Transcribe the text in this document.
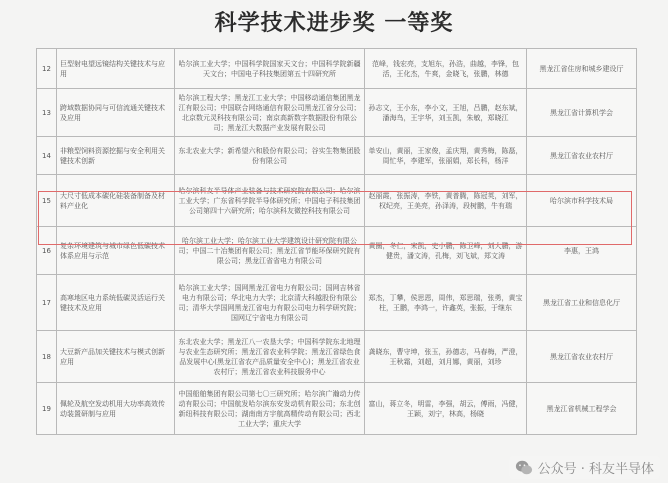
科学技术进步奖 一等奖
12	巨型射电望远镜结构关键技术与应用	哈尔滨工业大学；中国科学院国家天文台；中国科学院新疆天文台；中国电子科技集团第五十四研究所	范峰，钱宏亮，支旭东，孙浩，曲越，李锋，包活，王化杰，牛爽，金晓飞，张鹏，林德	黑龙江省住房和城乡建设厅
13	跨域数据协同与可信流通关键技术及应用	哈尔滨工程大学；黑龙江工业大学；中国移动通信集团黑龙江有限公司；中国联合网络通信有限公司黑龙江省分公司；北京数元灵科技有限公司；南京高新数字数据股份有限公司；黑龙江大数据产业发展有限公司	孙志文，王小东，李小文，王旭，吕鹏，赵东斌，潘海鸟，王宇华，刘玉凯，朱敏，郑晓江	黑龙江省计算机学会
14	非粮型饲料资源挖掘与安全利用关键技术创新	东北农业大学；新希望六和股份有限公司；谷实生物集团股份有限公司	单安山，黄丽，王家俊，孟庆翔，黄秀梅，陈磊，周忙华，李建军，张丽娟，郑长科，杨洋	黑龙江省农业农村厅
15	大尺寸低成本碳化硅装备制备及材料产业化	哈尔滨科友半导体产业装备与技术研究院有限公司；哈尔滨工业大学；广东省科学院半导体研究所；中国电子科技集团公司第四十六研究所；哈尔滨科友微控科技有限公司	赵丽霞，张振涛，李铁，黄普腾，陈冠英，刘军，权纪亮，王美亮，孙泽涛，段树鹏，牛有瑞	哈尔滨市科学技术局
16	复杂环境建筑与城市绿色低碳技术体系应用与示范	哈尔滨工业大学；哈尔滨工业大学建筑设计研究院有限公司；中国二十冶集团有限公司；黑龙江省节能环保研究院有限公司；黑龙江省省电力有限公司	黄圈，冬仁，宋凯，史小鹏，陈卫峰，刘大鹏，游健贵，潘文涛，孔梅，刘飞斌，郑文涛	李惠，王鸿
17	高寒地区电力系统低碳灵活运行关键技术及应用	哈尔滨工业大学；国网黑龙江省电力有限公司；国网吉林省电力有限公司；华北电力大学；北京清大科越股份有限公司；清华大学国网黑龙江省电力有限公司电力科学研究院；国网辽宁省电力有限公司	郑杰，丁攀，侯思恩，周伟，郑思瑞，张勇，黄宝柱，王鹏，李鸿一，许鑫英，张振，于继东	黑龙江省工业和信息化厅
18	大豆新产品加关键技术与模式创新应用	东北农业大学；黑龙江八一农垦大学；中国科学院东北地理与农业生态研究所；黑龙江省农业科学院；黑龙江省绿色食品发展中心(黑龙江省农产品质量安全中心)；黑龙江省农业农村厅；黑龙江省农业科技服务中心	龚晓东，曹守坤，张玉，孙德志，马春梅，严澄，王秋霜，刘超，刘月娜，黄丽，刘珍	黑龙江省农业农村厅
19	佩轮及航空发动机用大功率高效传动装置研制与应用	中国船舶集团有限公司第七〇三研究所；哈尔滨广瀚动力传动有限公司；中国航发哈尔滨东安发动机有限公司；东北创新纽科技有限公司；湖南南方宇航高精传动有限公司；西北工业大学；重庆大学	富山，蒋立冬，明雷，李强，胡云，傅雨，冯健，王颖，刘宁，林高，杨晓	黑龙江省机械工程学会
公众号 · 科友半导体
